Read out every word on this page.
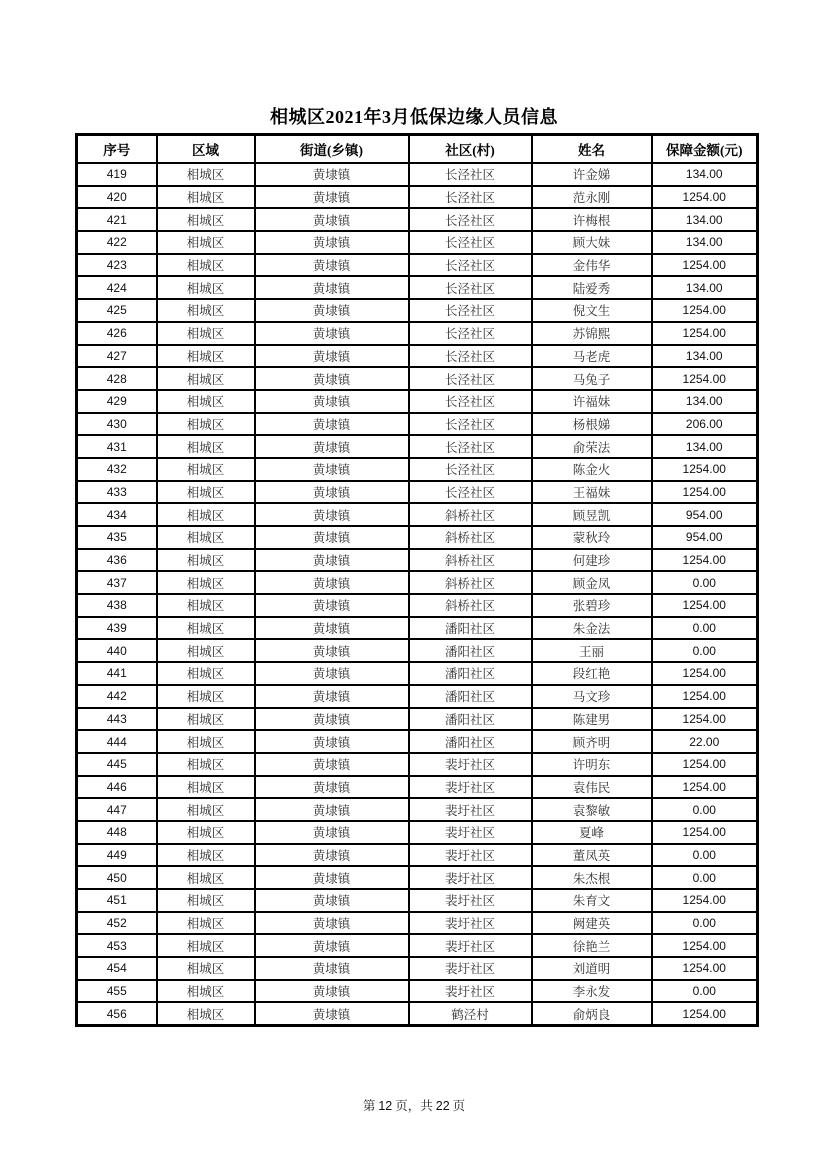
相城区2021年3月低保边缘人员信息
序号	区域	街道(乡镇)	社区(村)	姓名	保障金额(元)
419	相城区	黄埭镇	长泾社区	许金娣	134.00
420	相城区	黄埭镇	长泾社区	范永刚	1254.00
421	相城区	黄埭镇	长泾社区	许梅根	134.00
422	相城区	黄埭镇	长泾社区	顾大妹	134.00
423	相城区	黄埭镇	长泾社区	金伟华	1254.00
424	相城区	黄埭镇	长泾社区	陆爱秀	134.00
425	相城区	黄埭镇	长泾社区	倪文生	1254.00
426	相城区	黄埭镇	长泾社区	苏锦熙	1254.00
427	相城区	黄埭镇	长泾社区	马老虎	134.00
428	相城区	黄埭镇	长泾社区	马兔子	1254.00
429	相城区	黄埭镇	长泾社区	许福妹	134.00
430	相城区	黄埭镇	长泾社区	杨根娣	206.00
431	相城区	黄埭镇	长泾社区	俞荣法	134.00
432	相城区	黄埭镇	长泾社区	陈金火	1254.00
433	相城区	黄埭镇	长泾社区	王福妹	1254.00
434	相城区	黄埭镇	斜桥社区	顾昱凯	954.00
435	相城区	黄埭镇	斜桥社区	蒙秋玲	954.00
436	相城区	黄埭镇	斜桥社区	何建珍	1254.00
437	相城区	黄埭镇	斜桥社区	顾金凤	0.00
438	相城区	黄埭镇	斜桥社区	张碧珍	1254.00
439	相城区	黄埭镇	潘阳社区	朱金法	0.00
440	相城区	黄埭镇	潘阳社区	王丽	0.00
441	相城区	黄埭镇	潘阳社区	段红艳	1254.00
442	相城区	黄埭镇	潘阳社区	马文珍	1254.00
443	相城区	黄埭镇	潘阳社区	陈建男	1254.00
444	相城区	黄埭镇	潘阳社区	顾齐明	22.00
445	相城区	黄埭镇	裴圩社区	许明东	1254.00
446	相城区	黄埭镇	裴圩社区	袁伟民	1254.00
447	相城区	黄埭镇	裴圩社区	袁黎敏	0.00
448	相城区	黄埭镇	裴圩社区	夏峰	1254.00
449	相城区	黄埭镇	裴圩社区	董凤英	0.00
450	相城区	黄埭镇	裴圩社区	朱杰根	0.00
451	相城区	黄埭镇	裴圩社区	朱育文	1254.00
452	相城区	黄埭镇	裴圩社区	阙建英	0.00
453	相城区	黄埭镇	裴圩社区	徐艳兰	1254.00
454	相城区	黄埭镇	裴圩社区	刘道明	1254.00
455	相城区	黄埭镇	裴圩社区	李永发	0.00
456	相城区	黄埭镇	鹤泾村	俞炳良	1254.00
第 12 页，共 22 页
